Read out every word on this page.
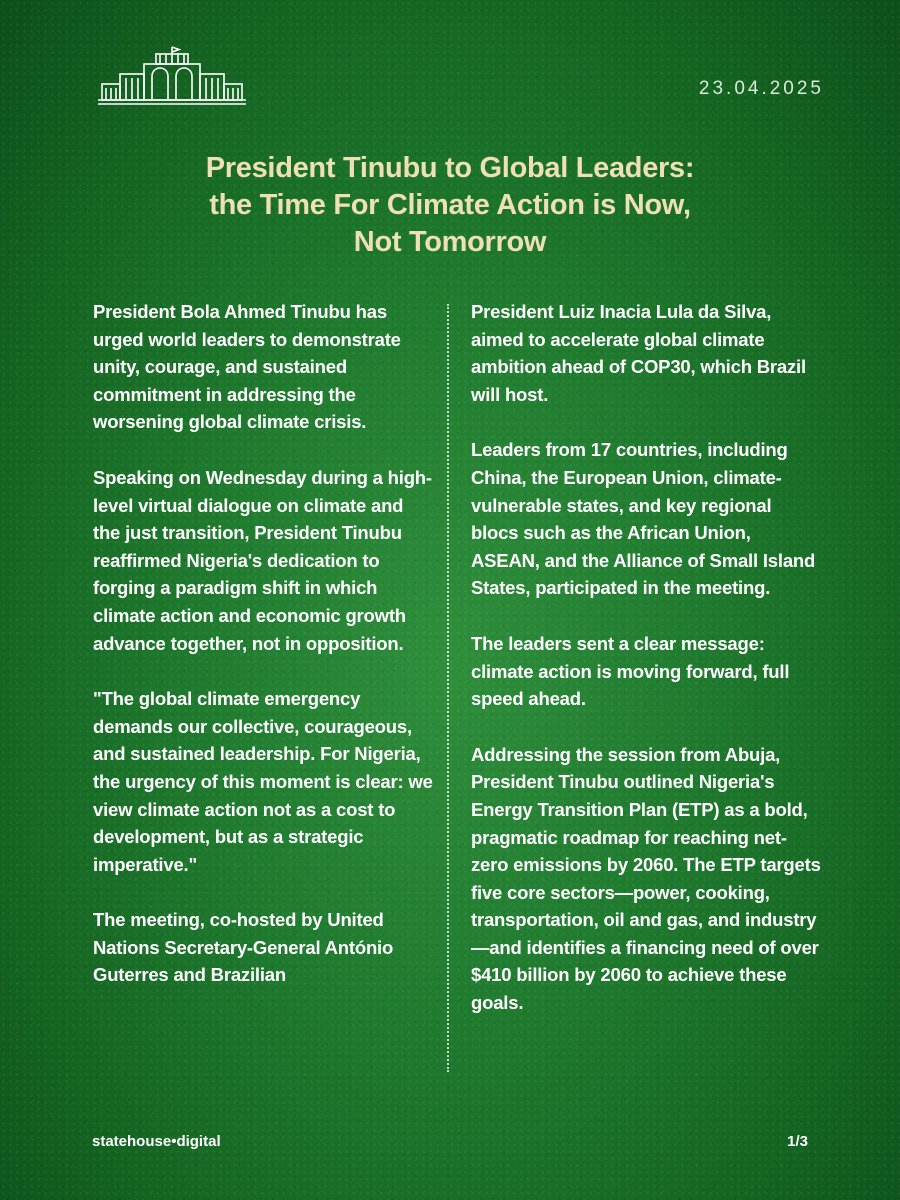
23.04.2025
President Tinubu to Global Leaders:
the Time For Climate Action is Now,
Not Tomorrow

President Bola Ahmed Tinubu has urged world leaders to demonstrate unity, courage, and sustained commitment in addressing the worsening global climate crisis.

Speaking on Wednesday during a high-level virtual dialogue on climate and the just transition, President Tinubu reaffirmed Nigeria's dedication to forging a paradigm shift in which climate action and economic growth advance together, not in opposition.

"The global climate emergency demands our collective, courageous, and sustained leadership. For Nigeria, the urgency of this moment is clear: we view climate action not as a cost to development, but as a strategic imperative."

The meeting, co-hosted by United Nations Secretary-General António Guterres and Brazilian

President Luiz Inacia Lula da Silva, aimed to accelerate global climate ambition ahead of COP30, which Brazil will host.

Leaders from 17 countries, including China, the European Union, climate-vulnerable states, and key regional blocs such as the African Union, ASEAN, and the Alliance of Small Island States, participated in the meeting.

The leaders sent a clear message: climate action is moving forward, full speed ahead.

Addressing the session from Abuja, President Tinubu outlined Nigeria's Energy Transition Plan (ETP) as a bold, pragmatic roadmap for reaching net-zero emissions by 2060. The ETP targets five core sectors—power, cooking, transportation, oil and gas, and industry—and identifies a financing need of over $410 billion by 2060 to achieve these goals.

statehouse•digital	1/3
